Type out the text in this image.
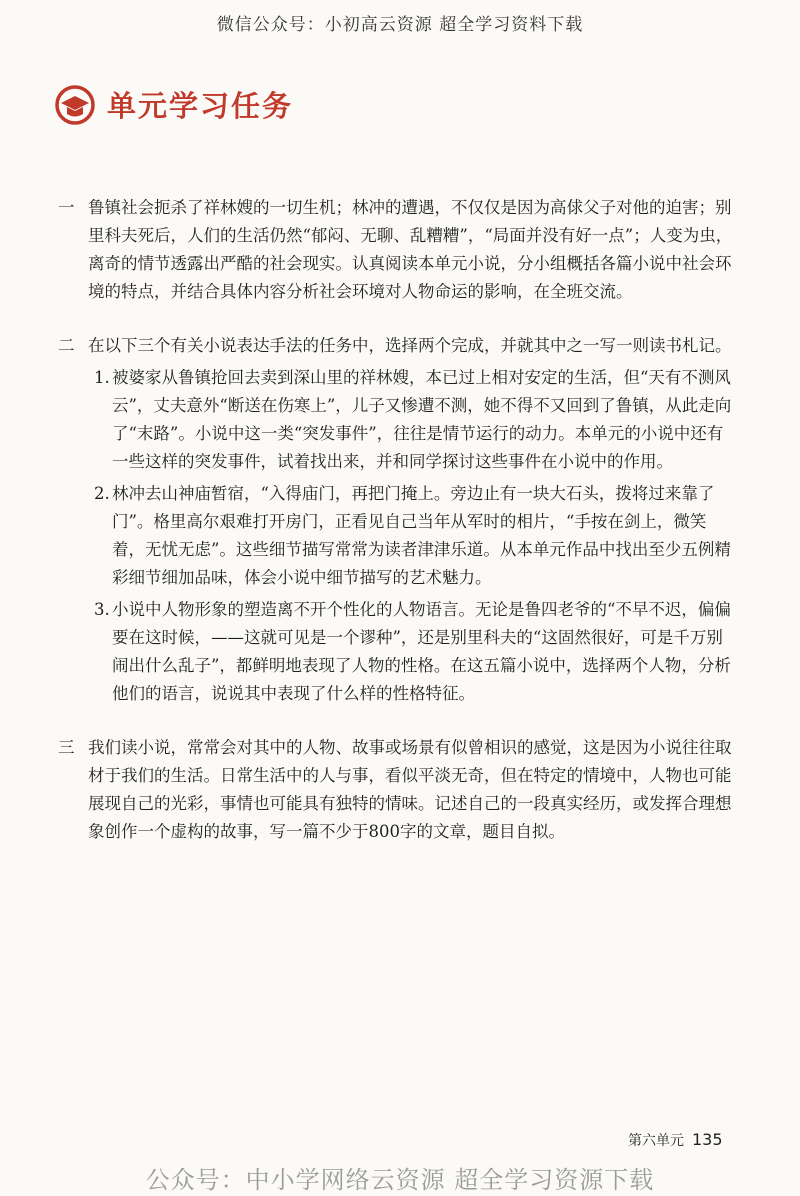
微信公众号：小初高云资源 超全学习资料下载
单元学习任务
一 鲁镇社会扼杀了祥林嫂的一切生机；林冲的遭遇，不仅仅是因为高俅父子对他的迫害；别里科夫死后，人们的生活仍然“郁闷、无聊、乱糟糟”，“局面并没有好一点”；人变为虫，离奇的情节透露出严酷的社会现实。认真阅读本单元小说，分小组概括各篇小说中社会环境的特点，并结合具体内容分析社会环境对人物命运的影响，在全班交流。
二 在以下三个有关小说表达手法的任务中，选择两个完成，并就其中之一写一则读书札记。
1. 被婆家从鲁镇抢回去卖到深山里的祥林嫂，本已过上相对安定的生活，但“天有不测风云”，丈夫意外“断送在伤寒上”，儿子又惨遭不测，她不得不又回到了鲁镇，从此走向了“末路”。小说中这一类“突发事件”，往往是情节运行的动力。本单元的小说中还有一些这样的突发事件，试着找出来，并和同学探讨这些事件在小说中的作用。
2. 林冲去山神庙暂宿，“入得庙门，再把门掩上。旁边止有一块大石头，拨将过来靠了门”。格里高尔艰难打开房门，正看见自己当年从军时的相片，“手按在剑上，微笑着，无忧无虑”。这些细节描写常常为读者津津乐道。从本单元作品中找出至少五例精彩细节细加品味，体会小说中细节描写的艺术魅力。
3. 小说中人物形象的塑造离不开个性化的人物语言。无论是鲁四老爷的“不早不迟，偏偏要在这时候，——这就可见是一个谬种”，还是别里科夫的“这固然很好，可是千万别闹出什么乱子”，都鲜明地表现了人物的性格。在这五篇小说中，选择两个人物，分析他们的语言，说说其中表现了什么样的性格特征。
三 我们读小说，常常会对其中的人物、故事或场景有似曾相识的感觉，这是因为小说往往取材于我们的生活。日常生活中的人与事，看似平淡无奇，但在特定的情境中，人物也可能展现自己的光彩，事情也可能具有独特的情味。记述自己的一段真实经历，或发挥合理想象创作一个虚构的故事，写一篇不少于800字的文章，题目自拟。
第六单元 135
公众号：中小学网络云资源 超全学习资源下载
